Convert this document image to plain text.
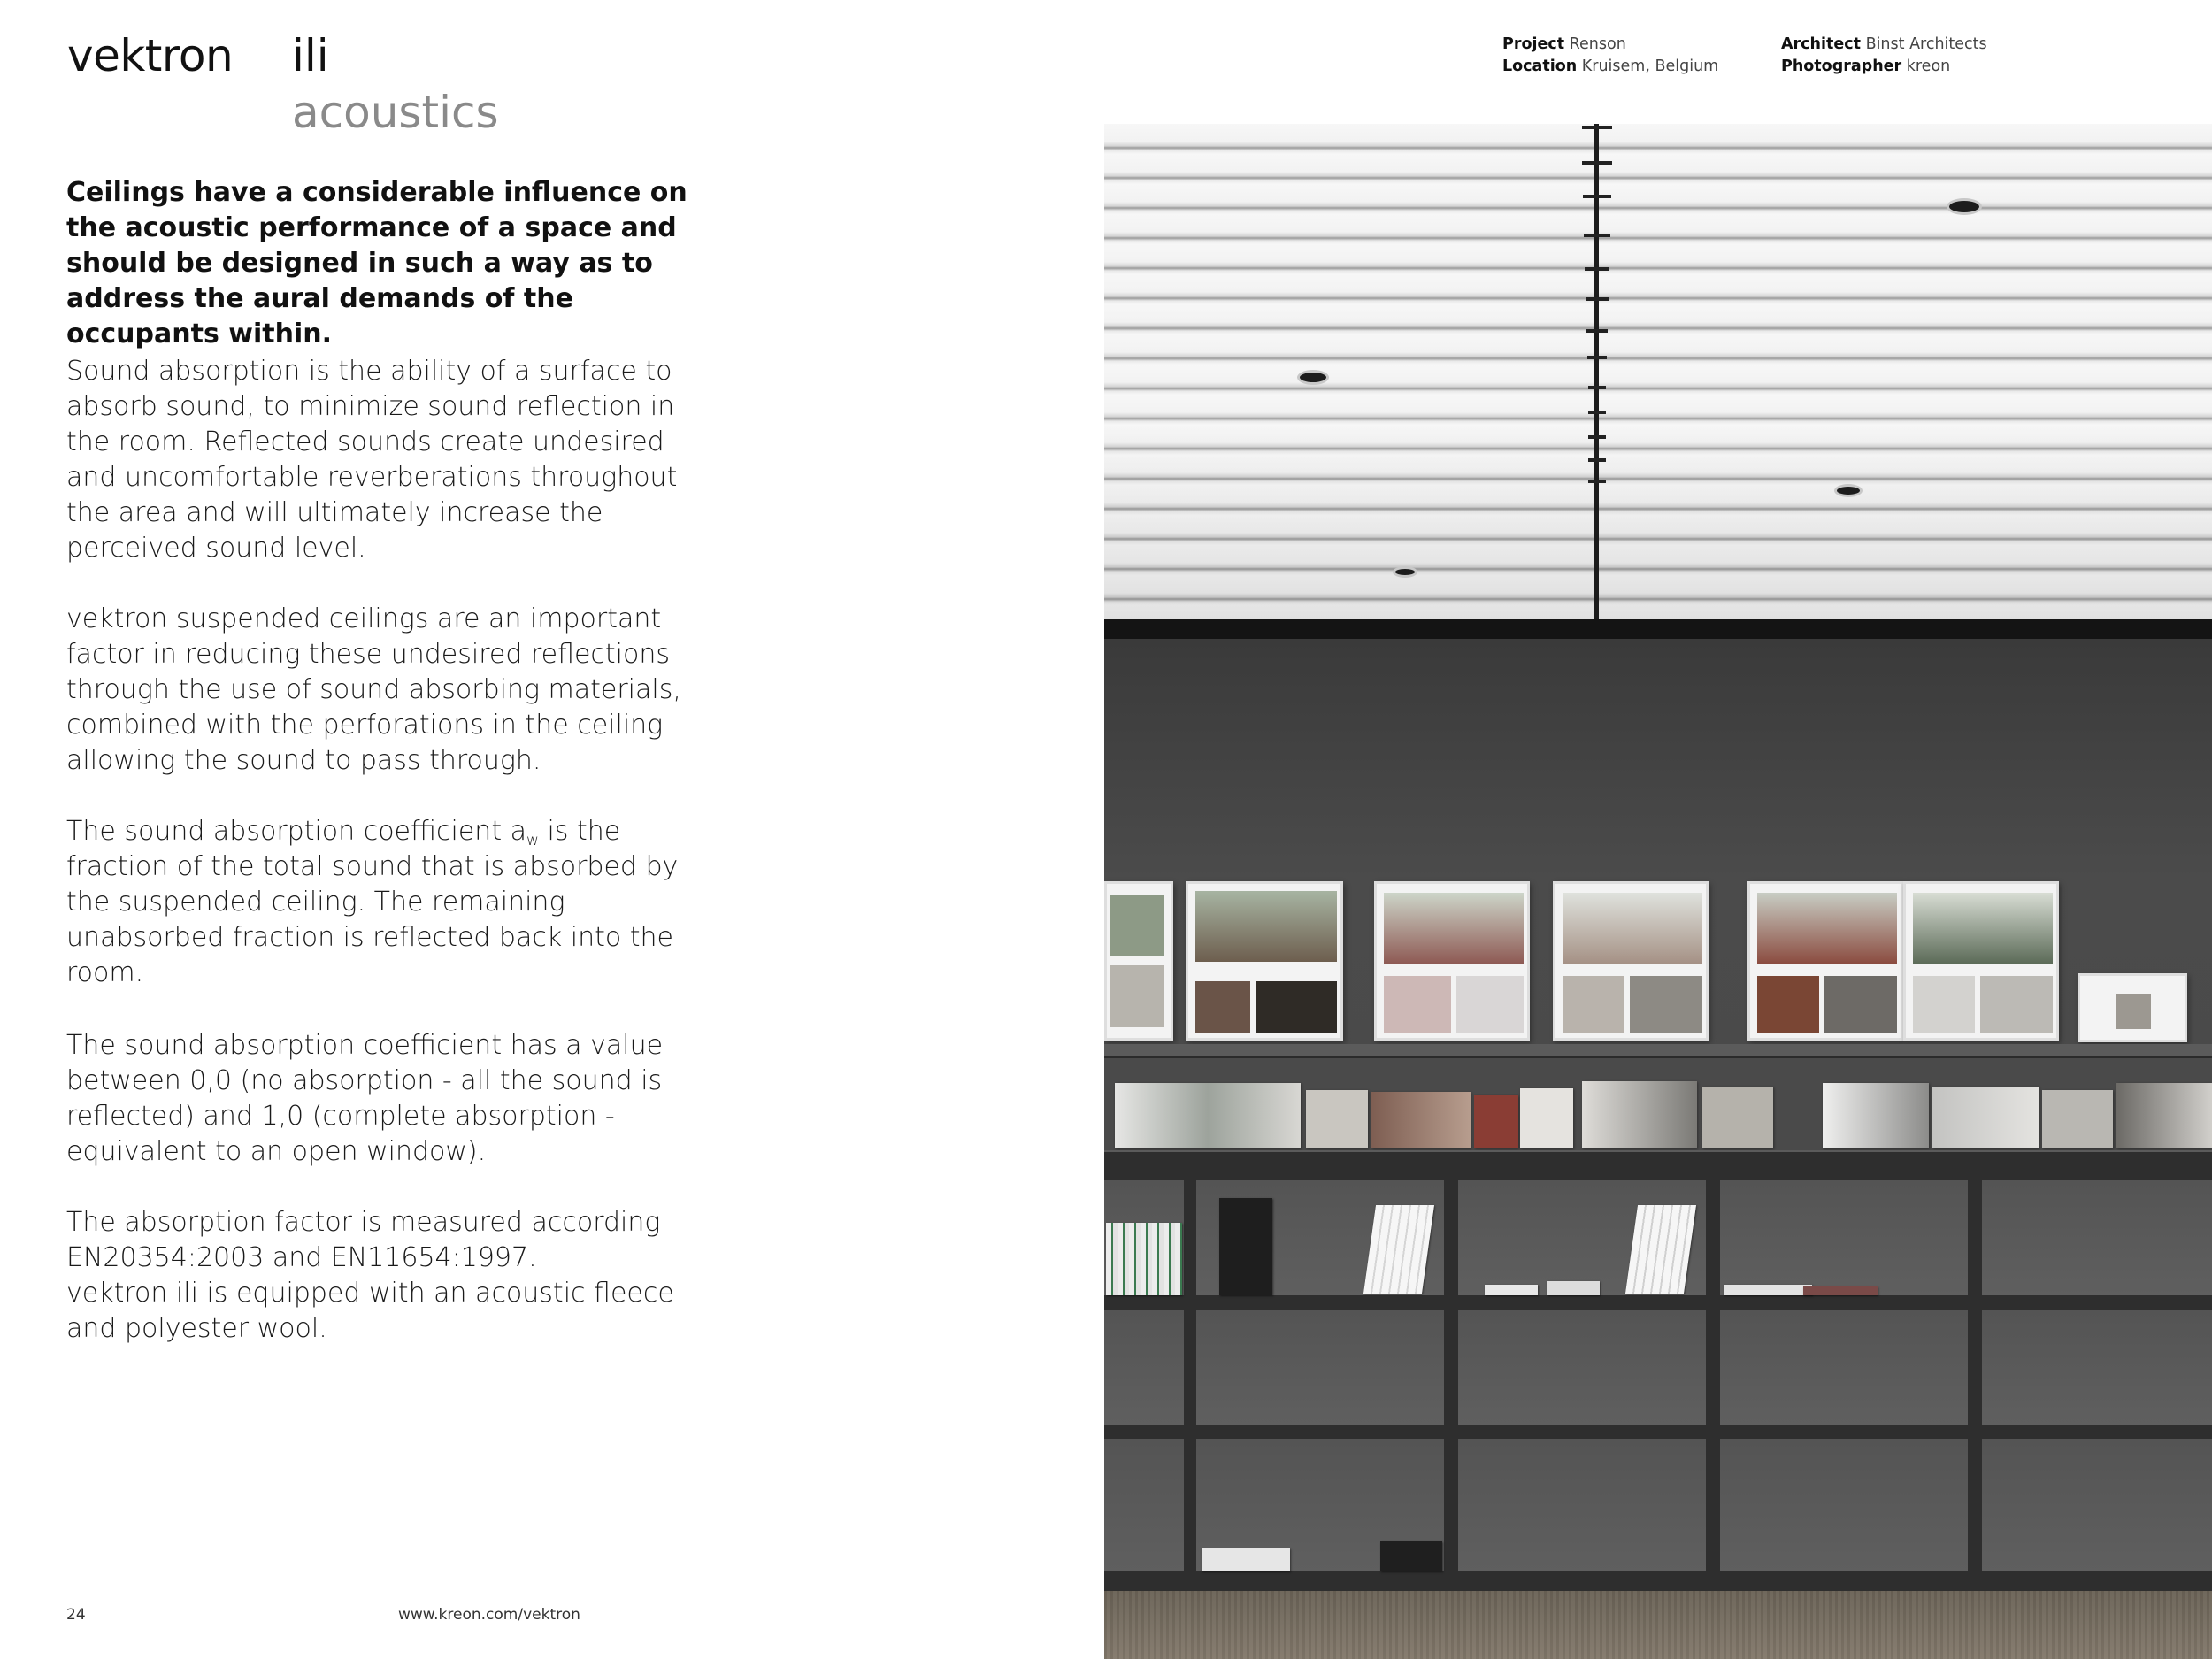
vektron ili
acoustics

Ceilings have a considerable influence on the acoustic performance of a space and should be designed in such a way as to address the aural demands of the occupants within.

Sound absorption is the ability of a surface to absorb sound, to minimize sound reflection in the room. Reflected sounds create undesired and uncomfortable reverberations throughout the area and will ultimately increase the perceived sound level.

vektron suspended ceilings are an important factor in reducing these undesired reflections through the use of sound absorbing materials, combined with the perforations in the ceiling allowing the sound to pass through.

The sound absorption coefficient $a_w$ is the fraction of the total sound that is absorbed by the suspended ceiling. The remaining unabsorbed fraction is reflected back into the room.

The sound absorption coefficient has a value between 0,0 (no absorption - all the sound is reflected) and 1,0 (complete absorption - equivalent to an open window).

The absorption factor is measured according EN20354:2003 and EN11654:1997.
vektron ili is equipped with an acoustic fleece and polyester wool.
Project Renson
Location Kruisem, Belgium
Architect Binst Architects
Photographer kreon
24	www.kreon.com/vektron
